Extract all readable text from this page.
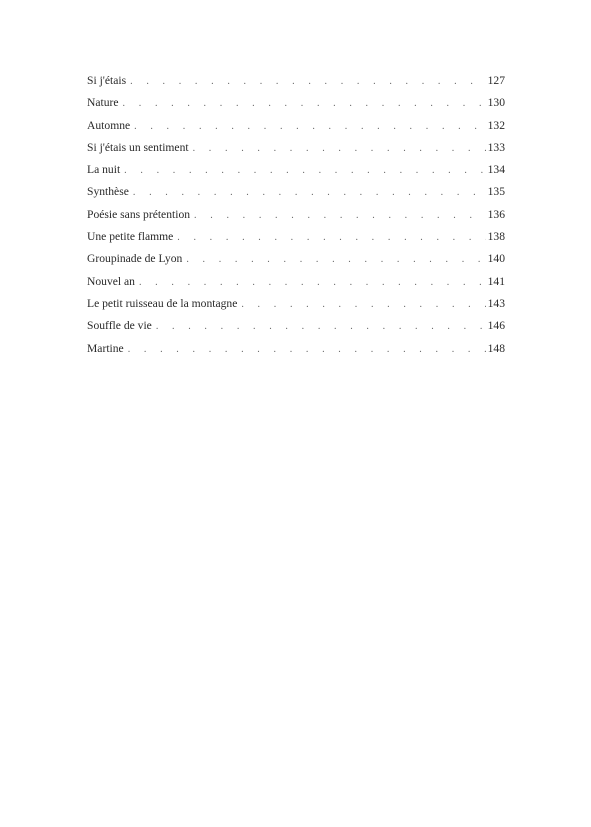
Si j'étais . . .	127
Nature . . .	130
Automne . . .	132
Si j'étais un sentiment . . .	133
La nuit . . .	134
Synthèse . . .	135
Poésie sans prétention . . .	136
Une petite flamme . . .	138
Groupinade de Lyon . . .	140
Nouvel an . . .	141
Le petit ruisseau de la montagne . . .	143
Souffle de vie . . .	146
Martine . . .	148
